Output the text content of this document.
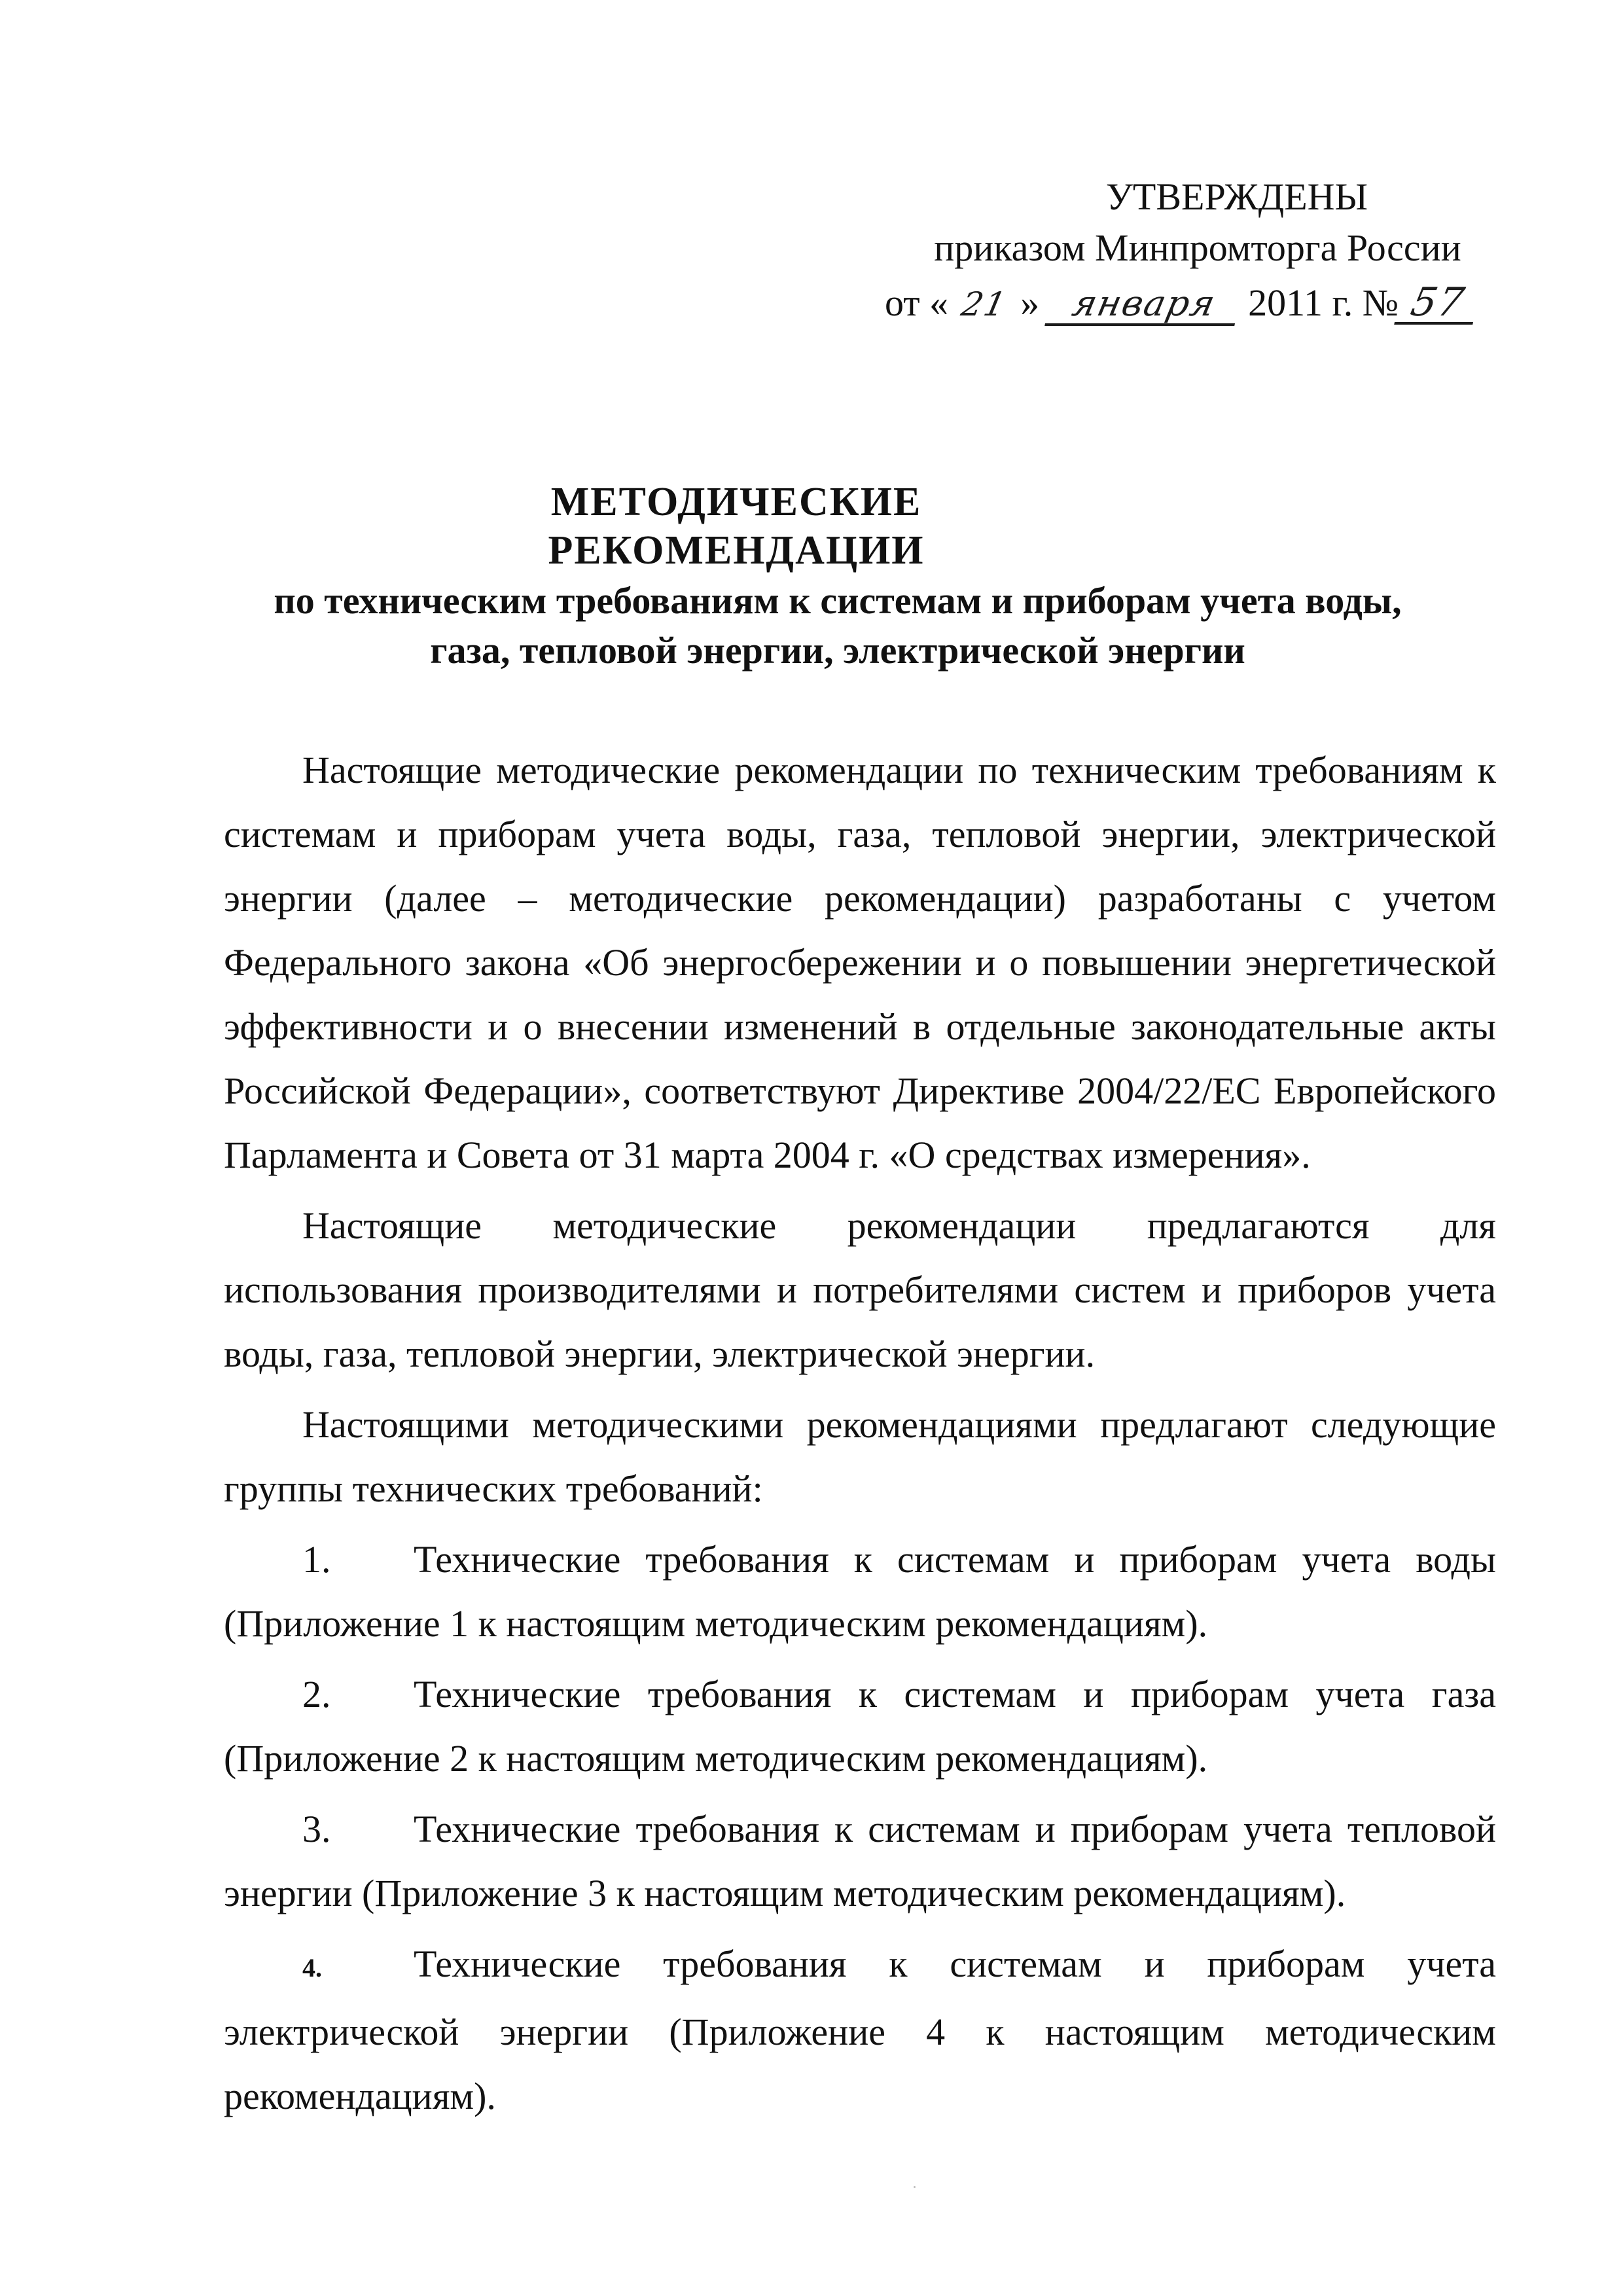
УТВЕРЖДЕНЫ
приказом Минпромторга России
от « 21 » января 2011 г. № 57
МЕТОДИЧЕСКИЕ РЕКОМЕНДАЦИИ
по техническим требованиям к системам и приборам учета воды,
газа, тепловой энергии, электрической энергии

Настоящие методические рекомендации по техническим требованиям к системам и приборам учета воды, газа, тепловой энергии, электрической энергии (далее – методические рекомендации) разработаны с учетом Федерального закона «Об энергосбережении и о повышении энергетической эффективности и о внесении изменений в отдельные законодательные акты Российской Федерации», соответствуют Директиве 2004/22/ЕС Европейского Парламента и Совета от 31 марта 2004 г. «О средствах измерения».

Настоящие методические рекомендации предлагаются для использования производителями и потребителями систем и приборов учета воды, газа, тепловой энергии, электрической энергии.

Настоящими методическими рекомендациями предлагают следующие группы технических требований:

1. Технические требования к системам и приборам учета воды (Приложение 1 к настоящим методическим рекомендациям).

2. Технические требования к системам и приборам учета газа (Приложение 2 к настоящим методическим рекомендациям).

3. Технические требования к системам и приборам учета тепловой энергии (Приложение 3 к настоящим методическим рекомендациям).

4. Технические требования к системам и приборам учета электрической энергии (Приложение 4 к настоящим методическим рекомендациям).
